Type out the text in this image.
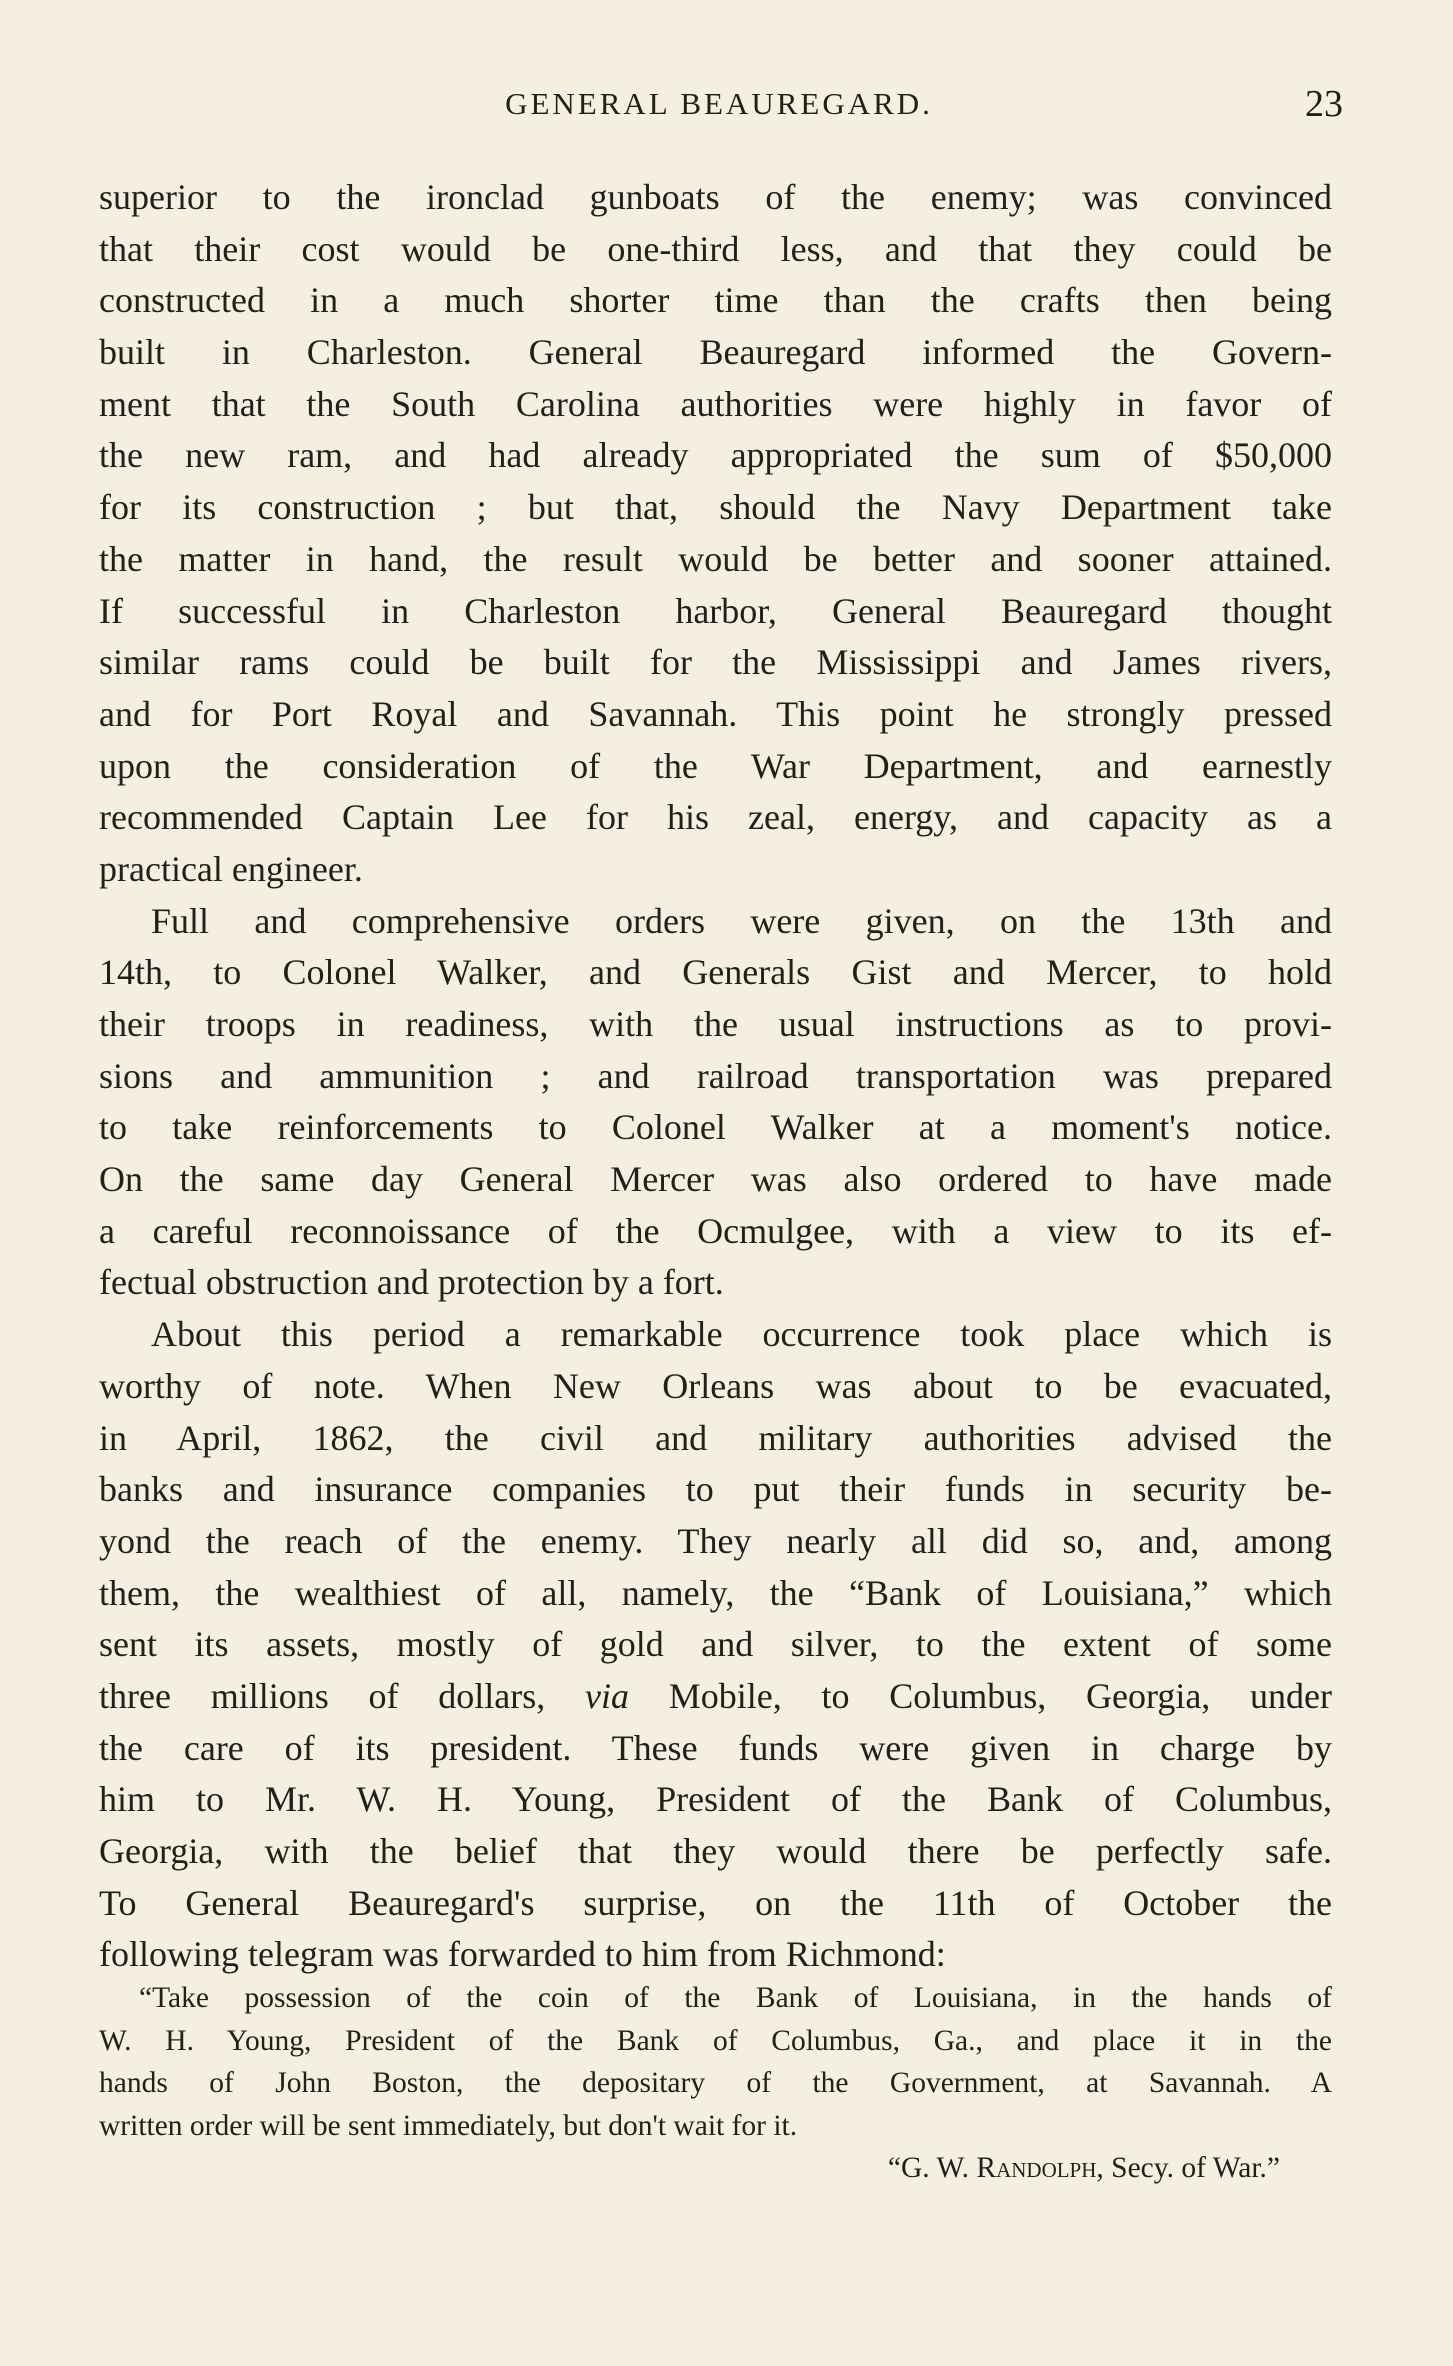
GENERAL BEAUREGARD.	23
superior to the ironclad gunboats of the enemy; was convinced
that their cost would be one-third less, and that they could be
constructed in a much shorter time than the crafts then being
built in Charleston. General Beauregard informed the Govern-
ment that the South Carolina authorities were highly in favor of
the new ram, and had already appropriated the sum of $50,000
for its construction ; but that, should the Navy Department take
the matter in hand, the result would be better and sooner attained.
If successful in Charleston harbor, General Beauregard thought
similar rams could be built for the Mississippi and James rivers,
and for Port Royal and Savannah. This point he strongly pressed
upon the consideration of the War Department, and earnestly
recommended Captain Lee for his zeal, energy, and capacity as a
practical engineer.
Full and comprehensive orders were given, on the 13th and
14th, to Colonel Walker, and Generals Gist and Mercer, to hold
their troops in readiness, with the usual instructions as to provi-
sions and ammunition ; and railroad transportation was prepared
to take reinforcements to Colonel Walker at a moment's notice.
On the same day General Mercer was also ordered to have made
a careful reconnoissance of the Ocmulgee, with a view to its ef-
fectual obstruction and protection by a fort.
About this period a remarkable occurrence took place which is
worthy of note. When New Orleans was about to be evacuated,
in April, 1862, the civil and military authorities advised the
banks and insurance companies to put their funds in security be-
yond the reach of the enemy. They nearly all did so, and, among
them, the wealthiest of all, namely, the “Bank of Louisiana,” which
sent its assets, mostly of gold and silver, to the extent of some
three millions of dollars, via Mobile, to Columbus, Georgia, under
the care of its president. These funds were given in charge by
him to Mr. W. H. Young, President of the Bank of Columbus,
Georgia, with the belief that they would there be perfectly safe.
To General Beauregard's surprise, on the 11th of October the
following telegram was forwarded to him from Richmond:
“Take possession of the coin of the Bank of Louisiana, in the hands of
W. H. Young, President of the Bank of Columbus, Ga., and place it in the
hands of John Boston, the depositary of the Government, at Savannah. A
written order will be sent immediately, but don't wait for it.
“G. W. Randolph, Secy. of War.”
